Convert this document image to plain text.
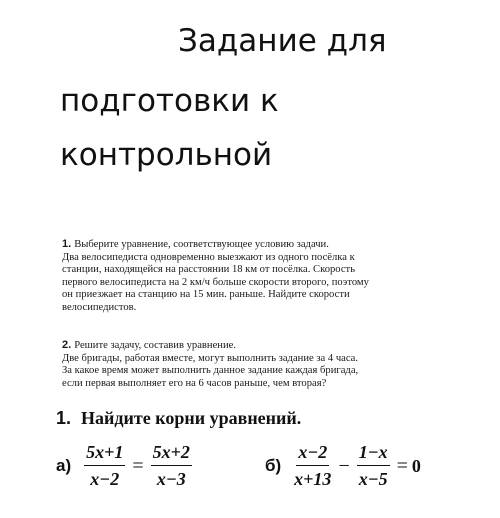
Задание для
подготовки к
контрольной
1. Выберите уравнение, соответствующее условию задачи.
Два велосипедиста одновременно выезжают из одного посёлка к
станции, находящейся на расстоянии 18 км от посёлка. Скорость
первого велосипедиста на 2 км/ч больше скорости второго, поэтому
он приезжает на станцию на 15 мин. раньше. Найдите скорости
велосипедистов.
2. Решите задачу, составив уравнение.
Две бригады, работая вместе, могут выполнить задание за 4 часа.
За какое время может выполнить данное задание каждая бригада,
если первая выполняет его на 6 часов раньше, чем вторая?
1. Найдите корни уравнений.
$а) \frac{5x+1}{x-2} = \frac{5x+2}{x-3}$	$б) \frac{x-2}{x+13} - \frac{1-x}{x-5} = 0$
